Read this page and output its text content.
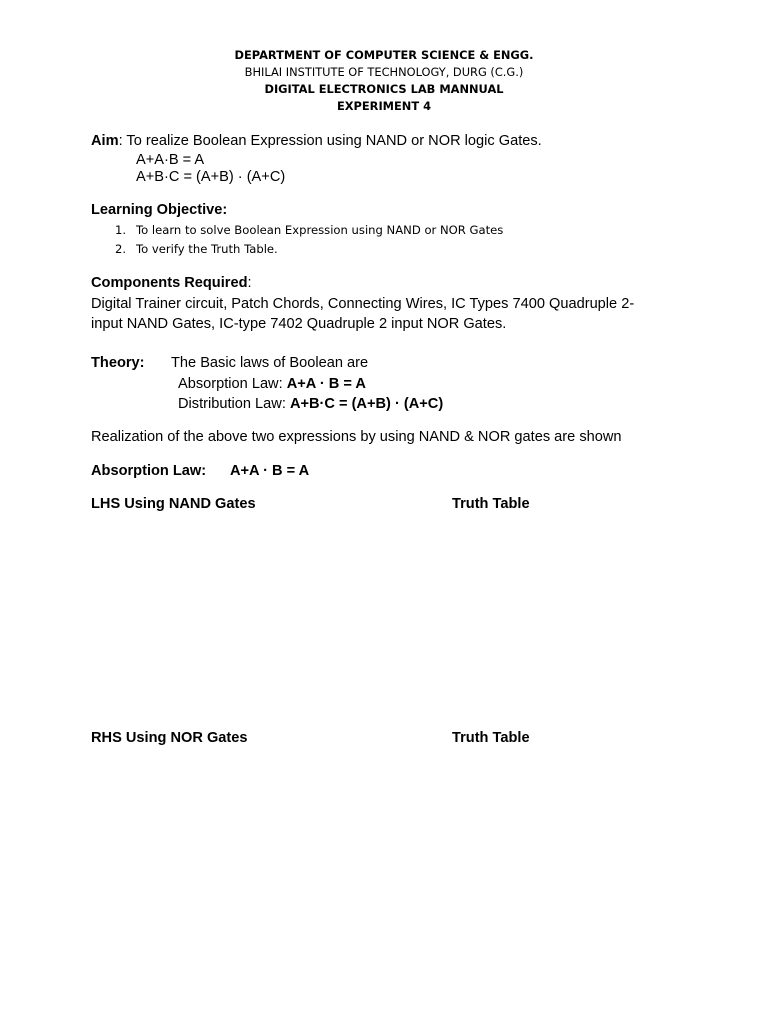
DEPARTMENT OF COMPUTER SCIENCE & ENGG.
BHILAI INSTITUTE OF TECHNOLOGY, DURG (C.G.)
DIGITAL ELECTRONICS LAB MANNUAL
EXPERIMENT 4
Aim: To realize Boolean Expression using NAND or NOR logic Gates.
A+A·B = A
A+B·C = (A+B) · (A+C)
Learning Objective:
1. To learn to solve Boolean Expression using NAND or NOR Gates
2. To verify the Truth Table.
Components Required:
Digital Trainer circuit, Patch Chords, Connecting Wires, IC Types 7400 Quadruple 2-
input NAND Gates, IC-type 7402 Quadruple 2 input NOR Gates.
Theory: The Basic laws of Boolean are
Absorption Law: A+A · B = A
Distribution Law: A+B·C = (A+B) · (A+C)
Realization of the above two expressions by using NAND & NOR gates are shown
Absorption Law: A+A · B = A
LHS Using NAND Gates	Truth Table
RHS Using NOR Gates	Truth Table
